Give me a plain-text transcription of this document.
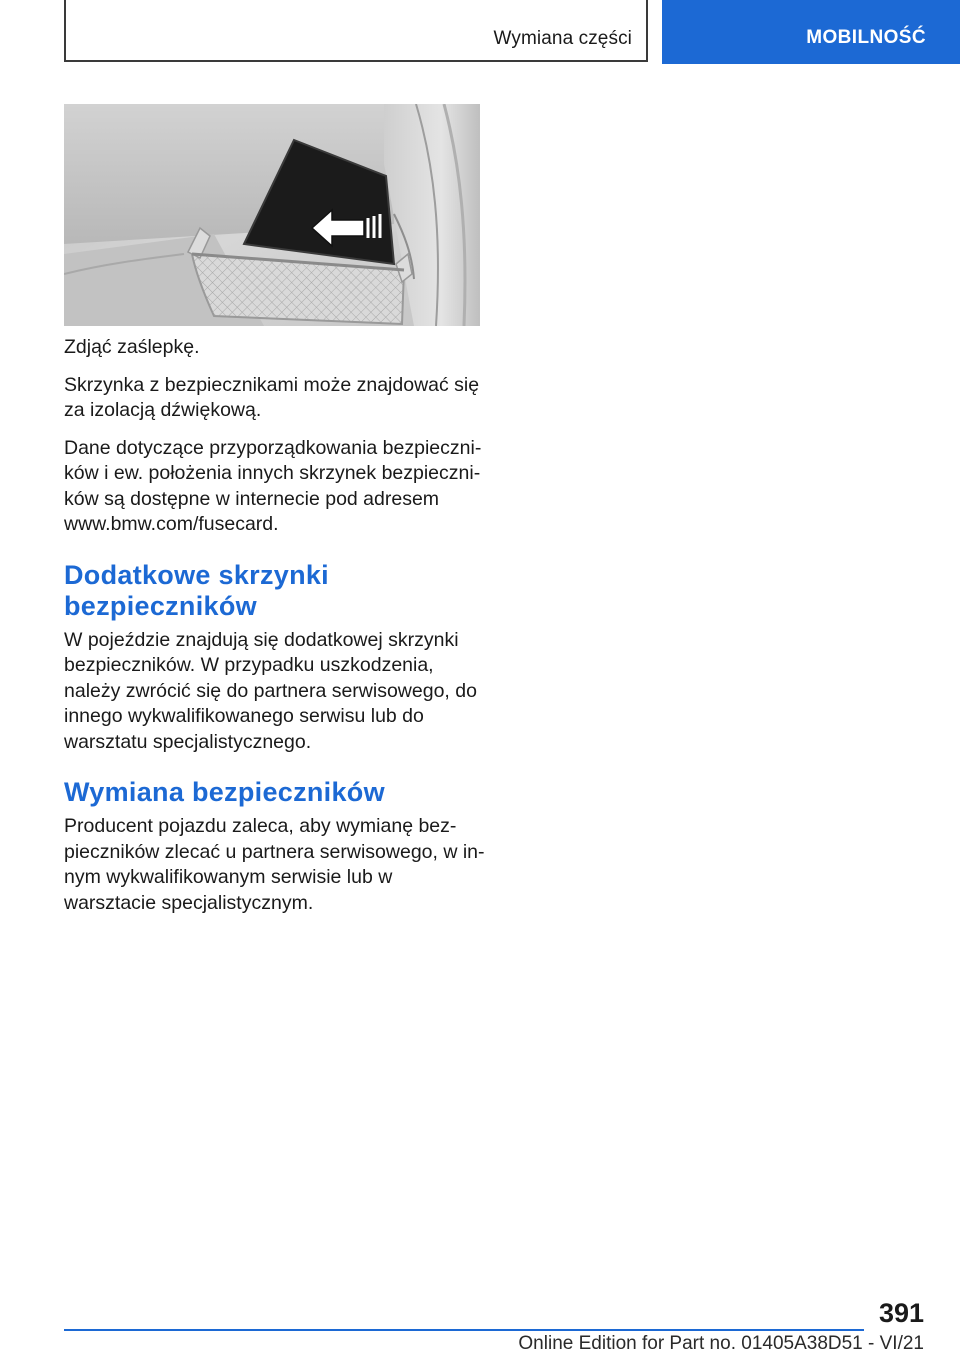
Wymiana części	MOBILNOŚĆ

Zdjąć zaślepkę.

Skrzynka z bezpiecznikami może znajdować się za izolacją dźwiękową.

Dane dotyczące przyporządkowania bezpieczników i ew. położenia innych skrzynek bezpieczników są dostępne w internecie pod adresem www.bmw.com/fusecard.

Dodatkowe skrzynki bezpieczników

W pojeździe znajdują się dodatkowej skrzynki bezpieczników. W przypadku uszkodzenia, należy zwrócić się do partnera serwisowego, do innego wykwalifikowanego serwisu lub do warsztatu specjalistycznego.

Wymiana bezpieczników

Producent pojazdu zaleca, aby wymianę bezpieczników zlecać u partnera serwisowego, w innym wykwalifikowanym serwisie lub w warsztacie specjalistycznym.

391
Online Edition for Part no. 01405A38D51 - VI/21
